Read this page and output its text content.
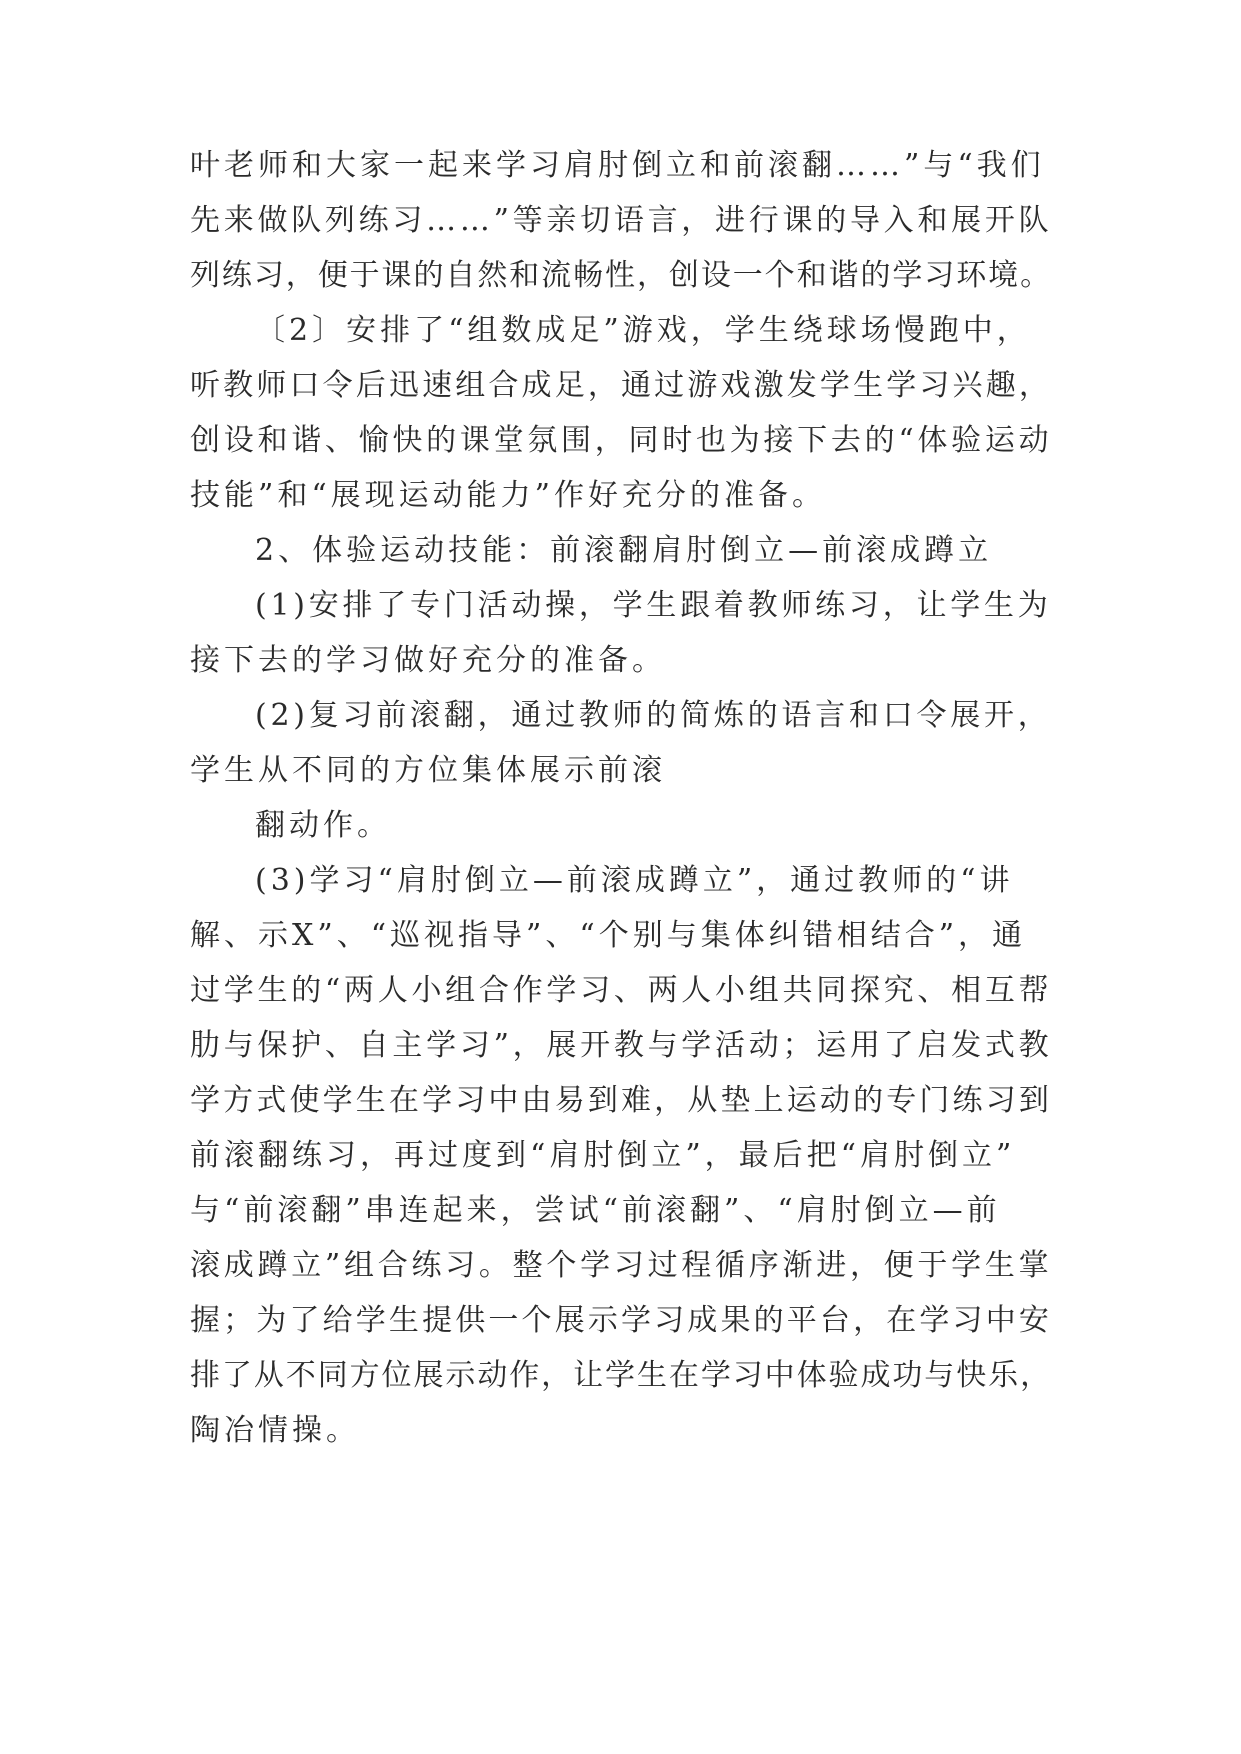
叶老师和大家一起来学习肩肘倒立和前滚翻……”与“我们

先来做队列练习……”等亲切语言，进行课的导入和展开队

列练习，便于课的自然和流畅性，创设一个和谐的学习环境。

〔2〕安排了“组数成足”游戏，学生绕球场慢跑中，

听教师口令后迅速组合成足，通过游戏激发学生学习兴趣，

创设和谐、愉快的课堂氛围，同时也为接下去的“体验运动

技能”和“展现运动能力”作好充分的准备。

2、体验运动技能：前滚翻肩肘倒立—前滚成蹲立

(1)安排了专门活动操，学生跟着教师练习，让学生为

接下去的学习做好充分的准备。

(2)复习前滚翻，通过教师的简炼的语言和口令展开，

学生从不同的方位集体展示前滚

翻动作。

(3)学习“肩肘倒立—前滚成蹲立”，通过教师的“讲

解、示X”、“巡视指导”、“个别与集体纠错相结合”，通

过学生的“两人小组合作学习、两人小组共同探究、相互帮

肋与保护、自主学习”，展开教与学活动；运用了启发式教

学方式使学生在学习中由易到难，从垫上运动的专门练习到

前滚翻练习，再过度到“肩肘倒立”，最后把“肩肘倒立”

与“前滚翻”串连起来，尝试“前滚翻”、“肩肘倒立—前

滚成蹲立”组合练习。整个学习过程循序渐进，便于学生掌

握；为了给学生提供一个展示学习成果的平台，在学习中安

排了从不同方位展示动作，让学生在学习中体验成功与快乐，

陶冶情操。
